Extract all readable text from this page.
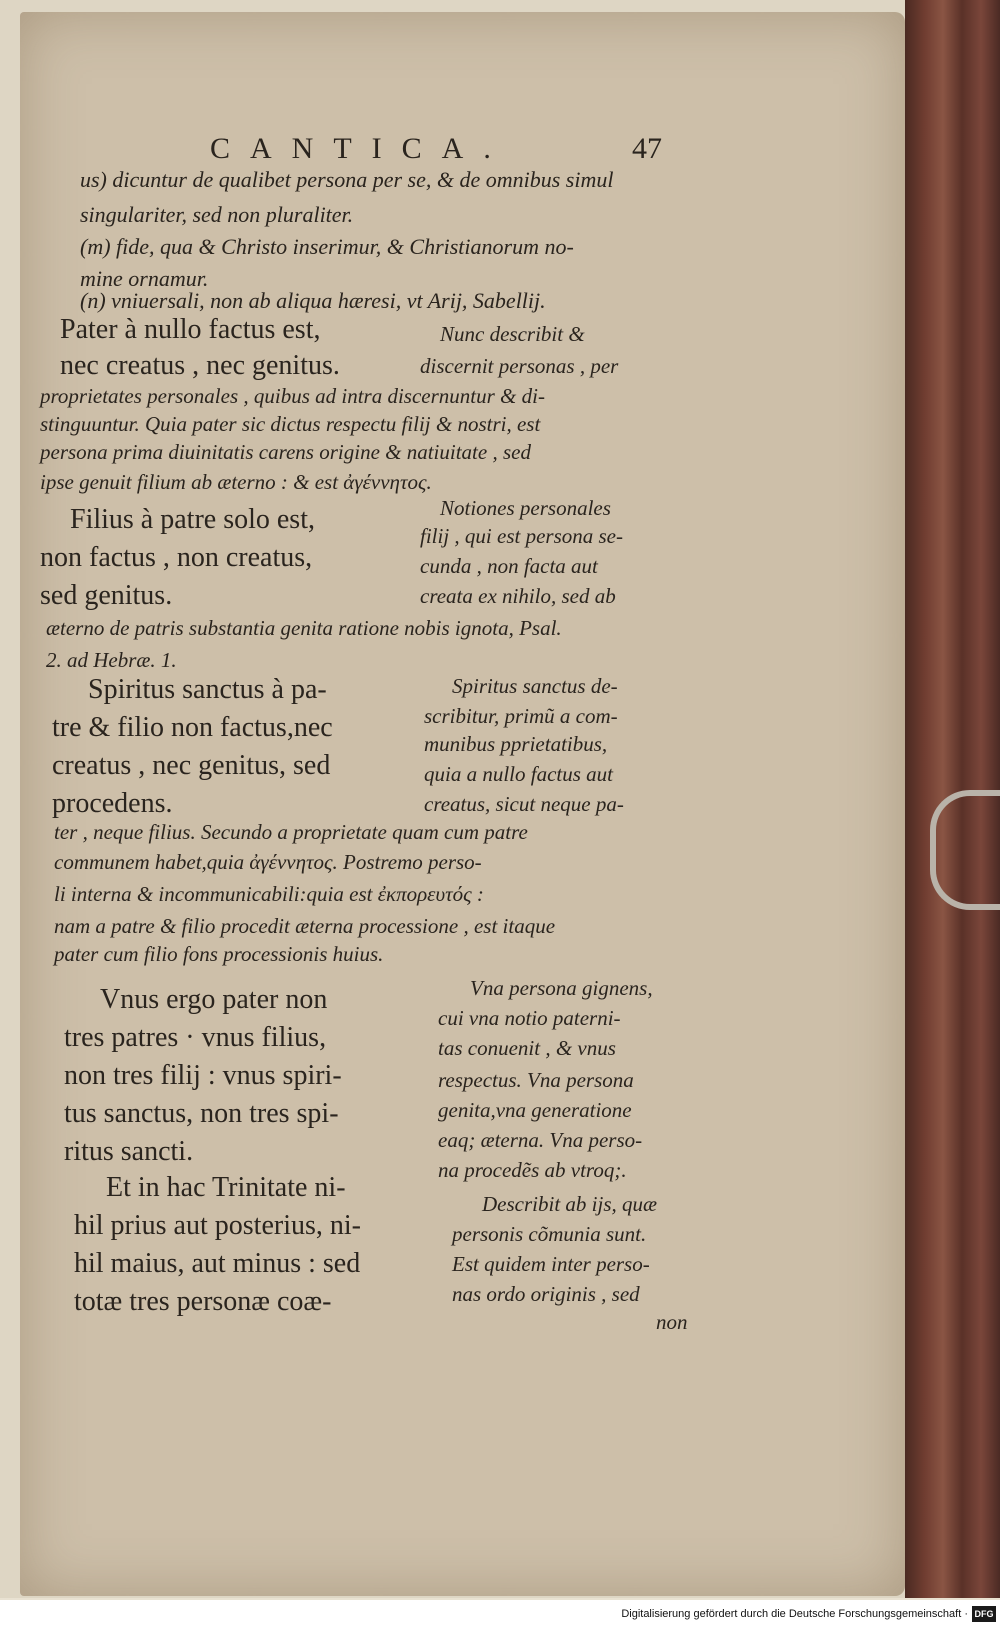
CANTICA.	47
us) dicuntur de qualibet persona per se, & de omnibus simul
singulariter, sed non pluraliter.
(m) fide, qua & Christo inserimur, & Christianorum no-
mine ornamur.
(n) vniuersali, non ab aliqua hæresi, vt Arij, Sabellij.
Pater à nullo factus est,
nec creatus , nec genitus.
Nunc describit &
discernit personas , per
proprietates personales , quibus ad intra discernuntur & di-
stinguuntur. Quia pater sic dictus respectu filij & nostri, est
persona prima diuinitatis carens origine & natiuitate , sed
ipse genuit filium ab æterno : & est ἀγέννητος.
Filius à patre solo est,
non factus , non creatus,
sed genitus.
Notiones personales
filij , qui est persona se-
cunda , non facta aut
creata ex nihilo, sed ab
æterno de patris substantia genita ratione nobis ignota, Psal.
2. ad Hebræ. 1.
Spiritus sanctus à pa-
tre & filio non factus,nec
creatus , nec genitus, sed
procedens.
Spiritus sanctus de-
scribitur, primũ a com-
munibus pprietatibus,
quia a nullo factus aut
creatus, sicut neque pa-
ter , neque filius. Secundo a proprietate quam cum patre
communem habet,quia ἀγέννητος. Postremo perso-
li interna & incommunicabili:quia est ἐκπορευτός :
nam a patre & filio procedit æterna processione , est itaque
pater cum filio fons processionis huius.
Vnus ergo pater non
tres patres · vnus filius,
non tres filij : vnus spiri-
tus sanctus, non tres spi-
ritus sancti.
Vna persona gignens,
cui vna notio paterni-
tas conuenit , & vnus
respectus. Vna persona
genita,vna generatione
eaq; æterna. Vna perso-
na procedẽs ab vtroq;.
Et in hac Trinitate ni-
hil prius aut posterius, ni-
hil maius, aut minus : sed
totæ tres personæ coæ-
Describit ab ijs, quæ
personis cõmunia sunt.
Est quidem inter perso-
nas ordo originis , sed
non
Digitalisierung gefördert durch die Deutsche Forschungsgemeinschaft · DFG
